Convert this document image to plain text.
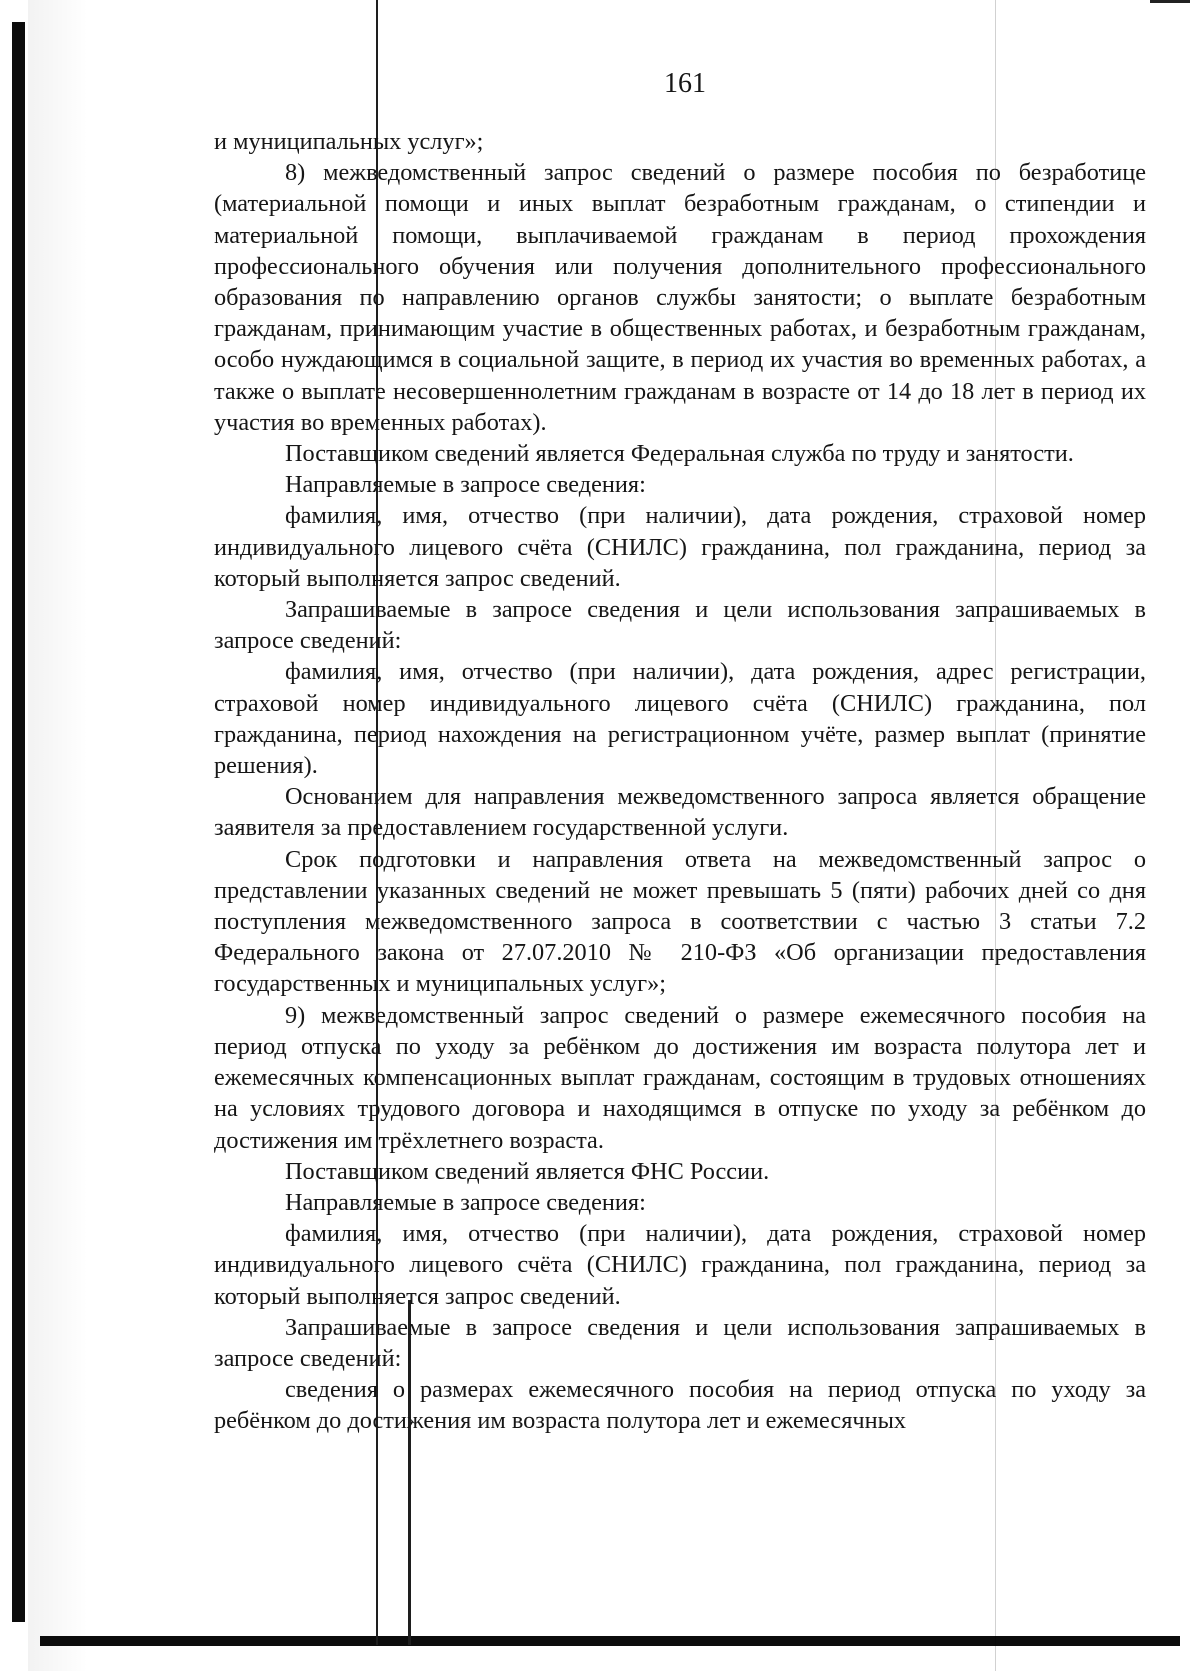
161

и муниципальных услуг»;

8) межведомственный запрос сведений о размере пособия по безработице (материальной помощи и иных выплат безработным гражданам, о стипендии и материальной помощи, выплачиваемой гражданам в период прохождения профессионального обучения или получения дополнительного профессионального образования по направлению органов службы занятости; о выплате безработным гражданам, принимающим участие в общественных работах, и безработным гражданам, особо нуждающимся в социальной защите, в период их участия во временных работах, а также о выплате несовершеннолетним гражданам в возрасте от 14 до 18 лет в период их участия во временных работах).

Поставщиком сведений является Федеральная служба по труду и занятости.

Направляемые в запросе сведения:

фамилия, имя, отчество (при наличии), дата рождения, страховой номер индивидуального лицевого счёта (СНИЛС) гражданина, пол гражданина, период за который выполняется запрос сведений.

Запрашиваемые в запросе сведения и цели использования запрашиваемых в запросе сведений:

фамилия, имя, отчество (при наличии), дата рождения, адрес регистрации, страховой номер индивидуального лицевого счёта (СНИЛС) гражданина, пол гражданина, период нахождения на регистрационном учёте, размер выплат (принятие решения).

Основанием для направления межведомственного запроса является обращение заявителя за предоставлением государственной услуги.

Срок подготовки и направления ответа на межведомственный запрос о представлении указанных сведений не может превышать 5 (пяти) рабочих дней со дня поступления межведомственного запроса в соответствии с частью 3 статьи 7.2 Федерального закона от 27.07.2010 № 210-ФЗ «Об организации предоставления государственных и муниципальных услуг»;

9) межведомственный запрос сведений о размере ежемесячного пособия на период отпуска по уходу за ребёнком до достижения им возраста полутора лет и ежемесячных компенсационных выплат гражданам, состоящим в трудовых отношениях на условиях трудового договора и находящимся в отпуске по уходу за ребёнком до достижения им трёхлетнего возраста.

Поставщиком сведений является ФНС России.

Направляемые в запросе сведения:

фамилия, имя, отчество (при наличии), дата рождения, страховой номер индивидуального лицевого счёта (СНИЛС) гражданина, пол гражданина, период за который выполняется запрос сведений.

Запрашиваемые в запросе сведения и цели использования запрашиваемых в запросе сведений:

сведения о размерах ежемесячного пособия на период отпуска по уходу за ребёнком до достижения им возраста полутора лет и ежемесячных
